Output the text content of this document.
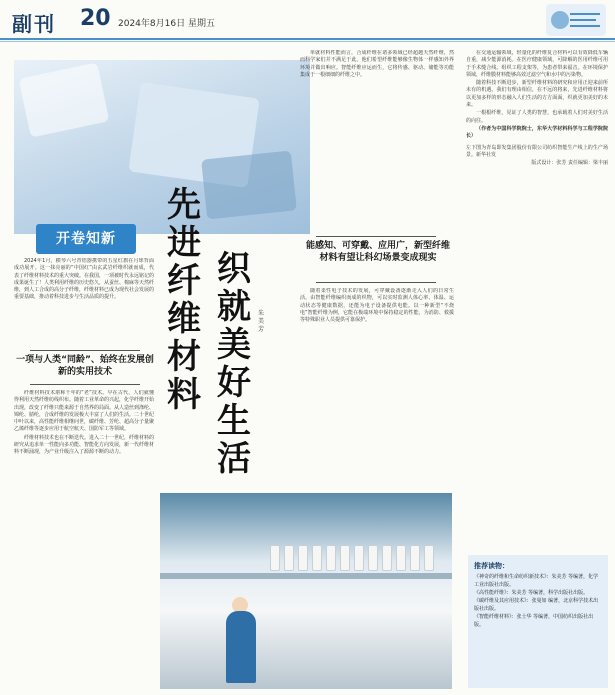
副刊 20 2024年8月16日 星期五
开卷知新
先进纤维材料
织就美好生活
朱美芳

2024年1月，横琴六号青铝器携带的五星红旗在月球背面成功展开。这一抹亮丽的“中国红”由玄武岩纤维织就而成，代表了纤维材料技术的重大突破。在我国，一项被时代永远铭记的成果诞生了！人类利用纤维的历史悠久，从蚕丝、棉麻等天然纤维，到人工合成的高分子纤维，纤维材料已成为现代社会发展的重要基础，推动着科技进步与生活品质的提升。

一项与人类“同龄”、始终在发展创新的实用技术

纤维材料技术堪称千年的“老”技术。早在古代，人们就懂得利用天然纤维纺线织布。随着工业革命的兴起，化学纤维开始出现，改变了纤维只能来源于自然界的局面。从人造丝到涤纶、锦纶、腈纶，合成纤维的发展极大丰富了人们的生活。二十世纪中叶以来，高性能纤维相继问世，碳纤维、芳纶、超高分子量聚乙烯纤维等逐步应用于航空航天、国防军工等领域。

纤维材料技术也在不断迭代。进入二十一世纪，纤维材料的研究从追求单一性能向多功能、智能化方向发展，新一代纤维材料不断涌现，为产业升级注入了源源不断的动力。

单就材料性能而言，合成纤维在诸多领域已经超越天然纤维，然而科学家们并不满足于此。他们希望纤维能够像生物体一样感知外界环境并做出响应。智能纤维应运而生，它将传感、驱动、储能等功能集成于一根细细的纤维之中。

能感知、可穿戴、应用广，新型纤维材料有望让科幻场景变成现实

随着柔性电子技术的发展，可穿戴设备逐渐走入人们的日常生活。由智能纤维编织而成的织物，可以实时监测人体心率、体温、运动状态等健康数据，还能为电子设备提供电能。以一种新型“不烧电”智能纤维为例，它能在极端环境中保持稳定的性能，为消防、救援等特殊职业人员提供可靠保护。

在交通运输领域，轻量化的纤维复合材料可以有效降低车辆自重，减少能源消耗。在医疗健康领域，可降解的医用纤维可用于手术缝合线、组织工程支架等，为患者带来福音。在环境保护领域，纤维膜材料能够高效过滤空气和水中的污染物。

随着科技不断进步，新型纤维材料的研究和应用正迎来前所未有的机遇。我们有理由相信，在不远的将来，先进纤维材料将以更加多样的形态融入人们生活的方方面面，织就更加美好的未来。

一根根纤维，见证了人类的智慧，也承载着人们对美好生活的向往。

（作者为中国科学院院士，东华大学材料科学与工程学院院长）

左下图为青岛即发集团股份有限公司纺织智能生产线上的生产场景。新华社发

版式设计：张芳 责任编辑：梁丰丽

推荐读物：
《神奇的纤维和生命纺织新技术》：朱美芳 等编著，化学工业出版社出版。
《高性能纤维》：朱美芳 等编著，科学出版社出版。
《碳纤维及其应用技术》：张曼如 编著，北京科学技术出版社出版。
《智能纤维材料》：张士华 等编著，中国纺织出版社出版。
